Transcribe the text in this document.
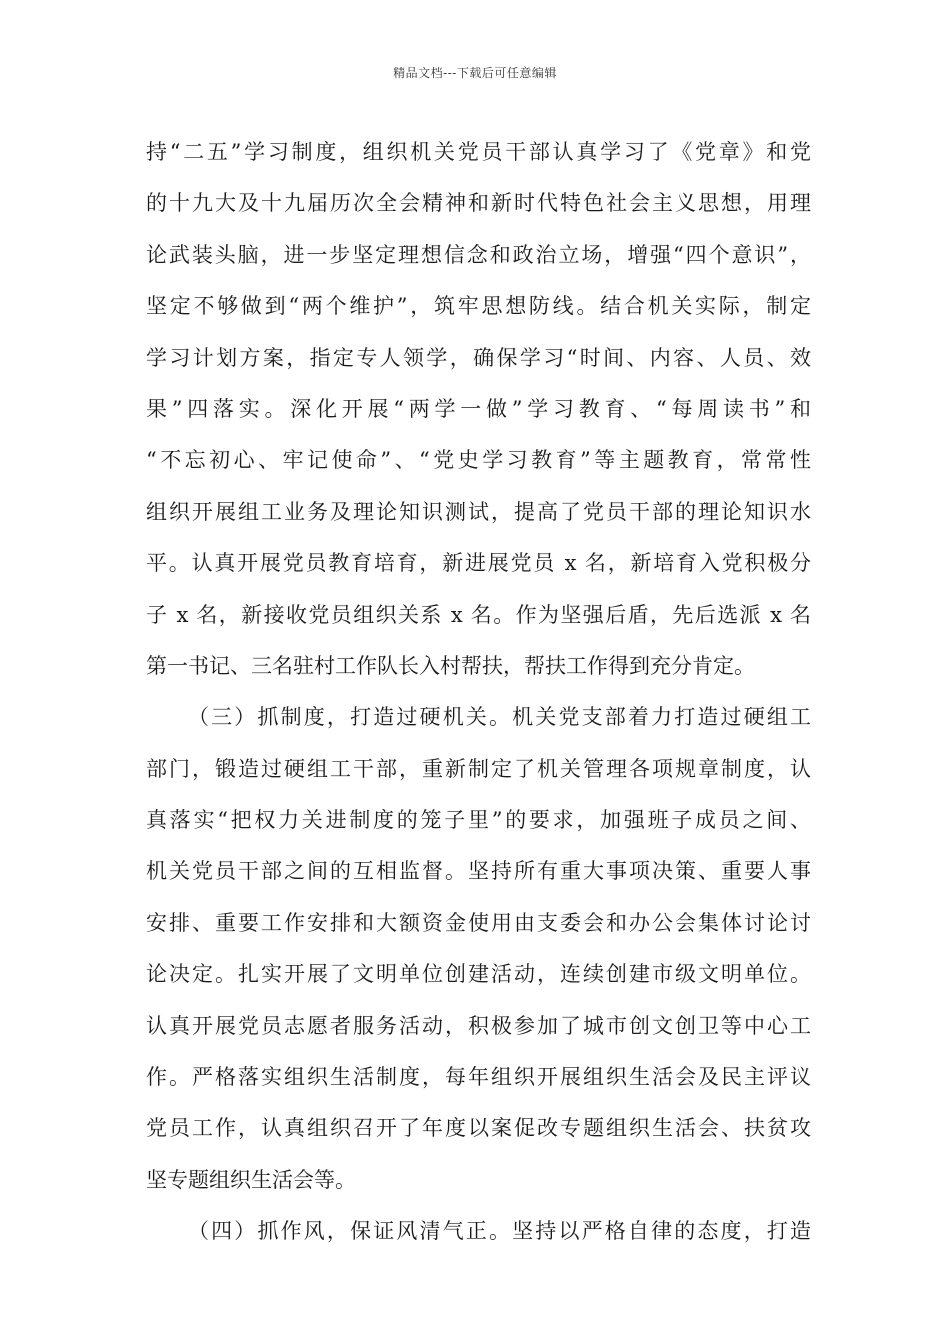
精品文档---下载后可任意编辑
持“二五”学习制度，组织机关党员干部认真学习了《党章》和党
的十九大及十九届历次全会精神和新时代特色社会主义思想，用理
论武装头脑，进一步坚定理想信念和政治立场，增强“四个意识”，
坚定不够做到“两个维护”，筑牢思想防线。结合机关实际，制定
学习计划方案，指定专人领学，确保学习“时间、内容、人员、效
果”四落实。深化开展“两学一做”学习教育、“每周读书”和
“不忘初心、牢记使命”、“党史学习教育”等主题教育，常常性
组织开展组工业务及理论知识测试，提高了党员干部的理论知识水
平。认真开展党员教育培育，新进展党员 x 名，新培育入党积极分
子 x 名，新接收党员组织关系 x 名。作为坚强后盾，先后选派 x 名
第一书记、三名驻村工作队长入村帮扶，帮扶工作得到充分肯定。
（三）抓制度，打造过硬机关。机关党支部着力打造过硬组工
部门，锻造过硬组工干部，重新制定了机关管理各项规章制度，认
真落实“把权力关进制度的笼子里”的要求，加强班子成员之间、
机关党员干部之间的互相监督。坚持所有重大事项决策、重要人事
安排、重要工作安排和大额资金使用由支委会和办公会集体讨论讨
论决定。扎实开展了文明单位创建活动，连续创建市级文明单位。
认真开展党员志愿者服务活动，积极参加了城市创文创卫等中心工
作。严格落实组织生活制度，每年组织开展组织生活会及民主评议
党员工作，认真组织召开了年度以案促改专题组织生活会、扶贫攻
坚专题组织生活会等。
（四）抓作风，保证风清气正。坚持以严格自律的态度，打造
